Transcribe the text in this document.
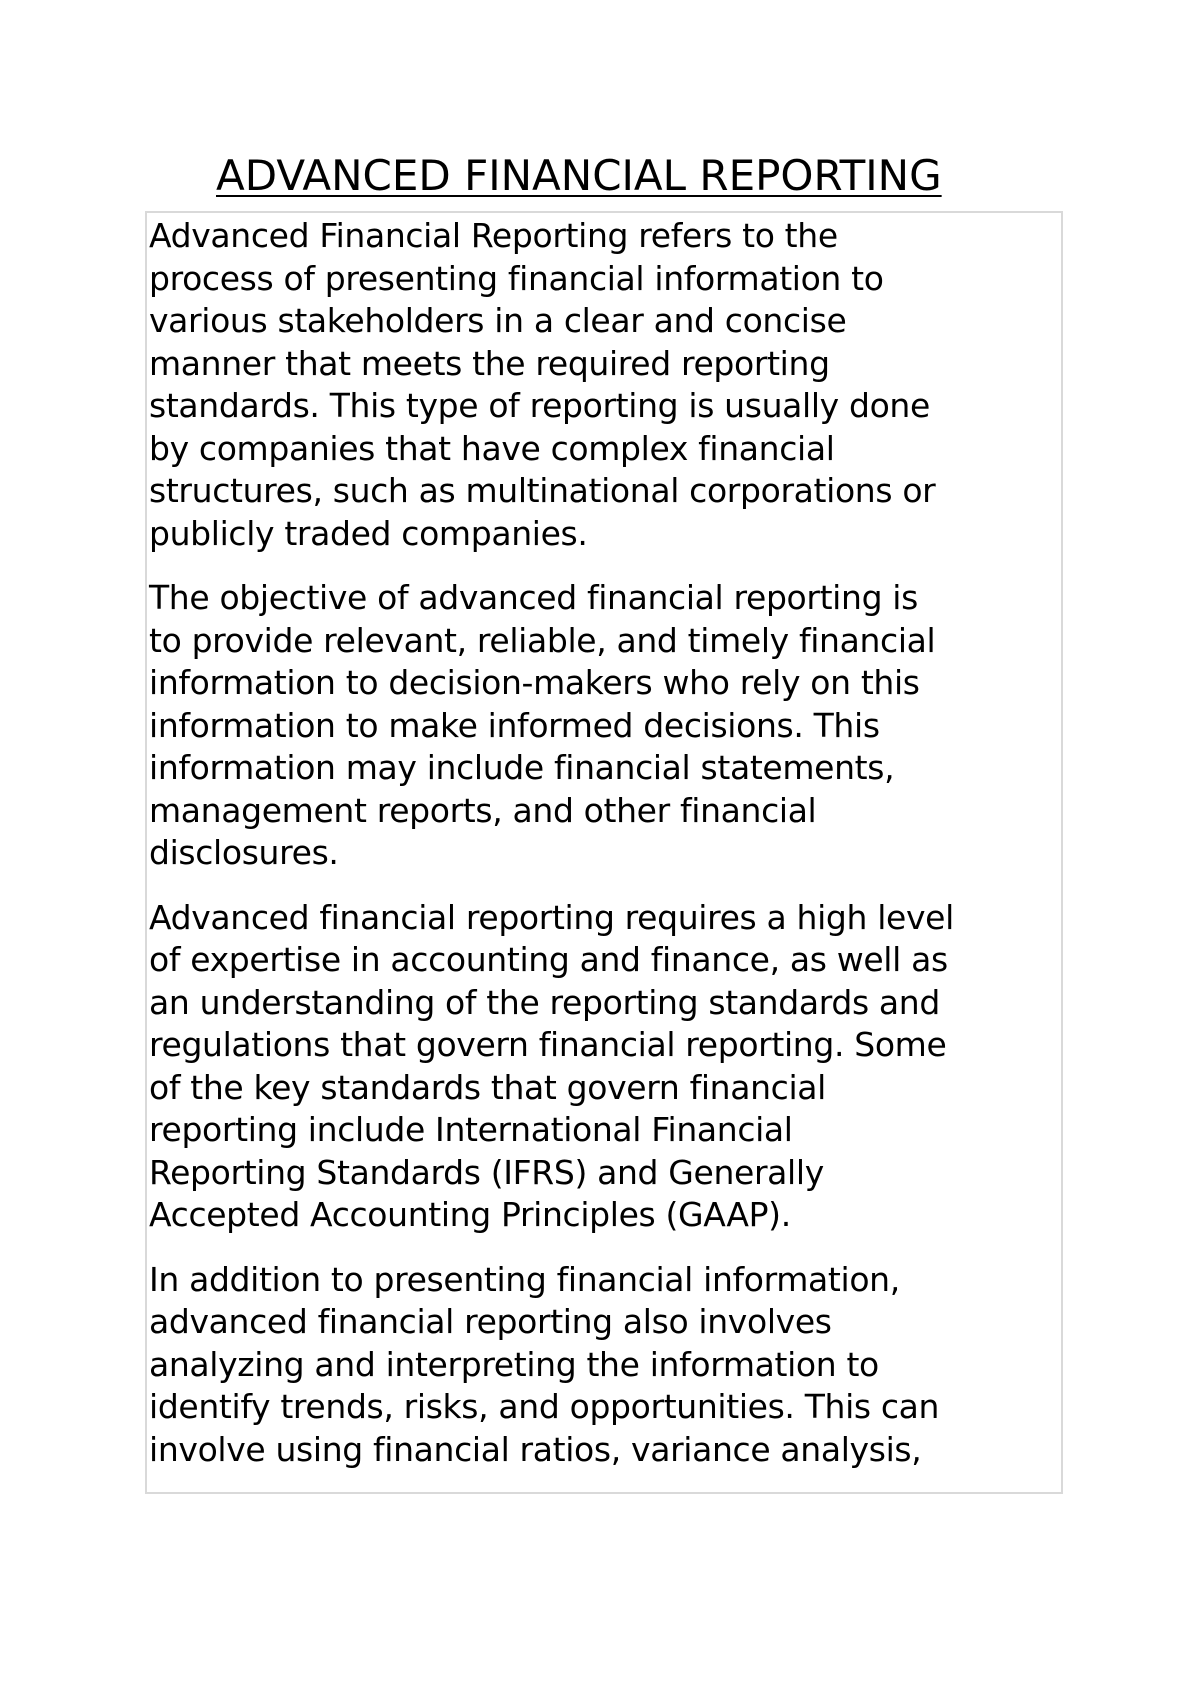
ADVANCED FINANCIAL REPORTING

Advanced Financial Reporting refers to the
process of presenting financial information to
various stakeholders in a clear and concise
manner that meets the required reporting
standards. This type of reporting is usually done
by companies that have complex financial
structures, such as multinational corporations or
publicly traded companies.

The objective of advanced financial reporting is
to provide relevant, reliable, and timely financial
information to decision-makers who rely on this
information to make informed decisions. This
information may include financial statements,
management reports, and other financial
disclosures.

Advanced financial reporting requires a high level
of expertise in accounting and finance, as well as
an understanding of the reporting standards and
regulations that govern financial reporting. Some
of the key standards that govern financial
reporting include International Financial
Reporting Standards (IFRS) and Generally
Accepted Accounting Principles (GAAP).

In addition to presenting financial information,
advanced financial reporting also involves
analyzing and interpreting the information to
identify trends, risks, and opportunities. This can
involve using financial ratios, variance analysis,
